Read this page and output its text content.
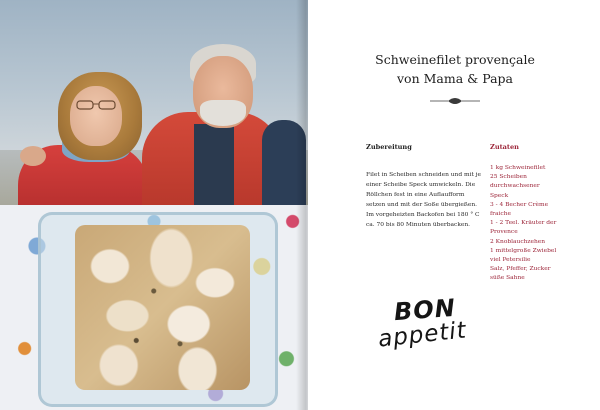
Schweinefilet provençale
von Mama & Papa
Zubereitung	Zutaten

Filet in Scheiben schneiden und mit je einer Scheibe Speck umwickeln. Die Röllchen fest in eine Auflaufform setzen und mit der Soße übergießen. Im vorgeheizten Backofen bei 180 ° C ca. 70 bis 80 Minuten überbacken.

1 kg Schweinefilet
25 Scheiben
durchwachsener
Speck
3 - 4 Becher Crème
fraiche
1 - 2 Teel. Kräuter der
Provence
2 Knoblauchzehen
1 mittelgroße Zwiebel
viel Petersilie
Salz, Pfeffer, Zucker
süße Sahne
BON
appetit
